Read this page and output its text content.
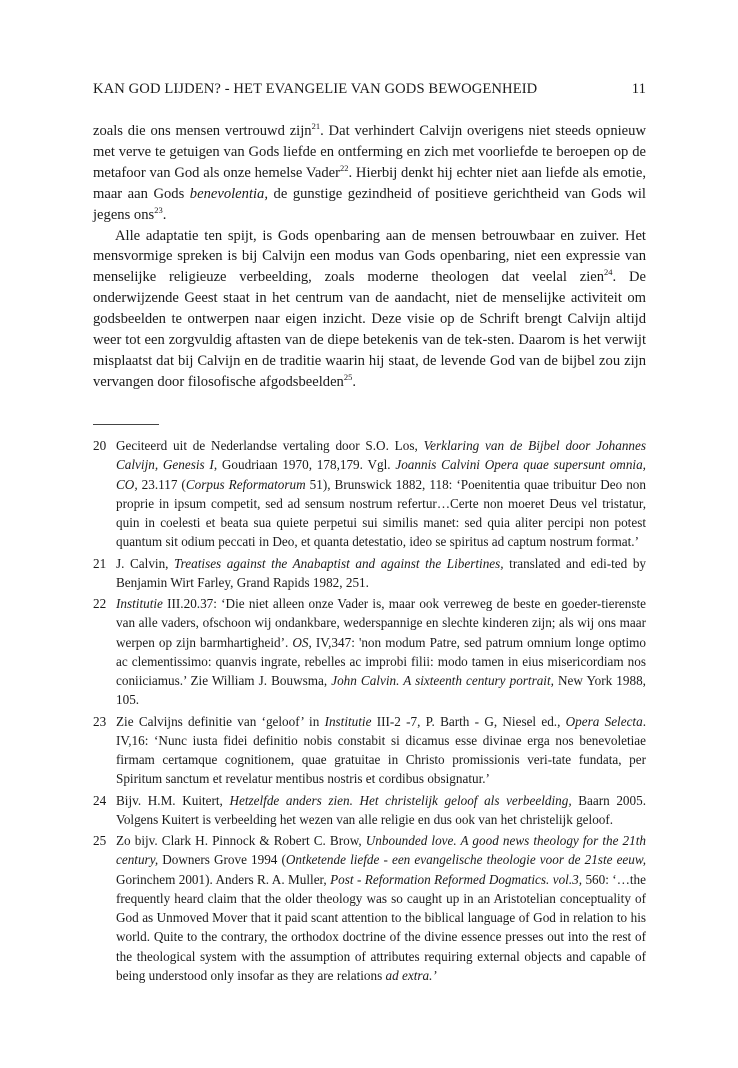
KAN GOD LIJDEN? - HET EVANGELIE VAN GODS BEWOGENHEID	11

zoals die ons mensen vertrouwd zijn$^{21}$. Dat verhindert Calvijn overigens niet steeds opnieuw met verve te getuigen van Gods liefde en ontferming en zich met voorliefde te beroepen op de metafoor van God als onze hemelse Vader$^{22}$. Hierbij denkt hij echter niet aan liefde als emotie, maar aan Gods benevolentia, de gunstige gezindheid of positieve gerichtheid van Gods wil jegens ons$^{23}$.

Alle adaptatie ten spijt, is Gods openbaring aan de mensen betrouwbaar en zuiver. Het mensvormige spreken is bij Calvijn een modus van Gods openbaring, niet een expressie van menselijke religieuze verbeelding, zoals moderne theologen dat veelal zien$^{24}$. De onderwijzende Geest staat in het centrum van de aandacht, niet de menselijke activiteit om godsbeelden te ontwerpen naar eigen inzicht. Deze visie op de Schrift brengt Calvijn altijd weer tot een zorgvuldig aftasten van de diepe betekenis van de tek-sten. Daarom is het verwijt misplaatst dat bij Calvijn en de traditie waarin hij staat, de levende God van de bijbel zou zijn vervangen door filosofische afgodsbeelden$^{25}$.

20 Geciteerd uit de Nederlandse vertaling door S.O. Los, Verklaring van de Bijbel door Johannes Calvijn, Genesis I, Goudriaan 1970, 178,179. Vgl. Joannis Calvini Opera quae supersunt omnia, CO, 23.117 (Corpus Reformatorum 51), Brunswick 1882, 118: ‘Poenitentia quae tribuitur Deo non proprie in ipsum competit, sed ad sensum nostrum refertur…Certe non moeret Deus vel tristatur, quin in coelesti et beata sua quiete perpetui sui similis manet: sed quia aliter percipi non potest quantum sit odium peccati in Deo, et quanta detestatio, ideo se spiritus ad captum nostrum format.’
21 J. Calvin, Treatises against the Anabaptist and against the Libertines, translated and edi-ted by Benjamin Wirt Farley, Grand Rapids 1982, 251.
22 Institutie III.20.37: ‘Die niet alleen onze Vader is, maar ook verreweg de beste en goeder-tierenste van alle vaders, ofschoon wij ondankbare, wederspannige en slechte kinderen zijn; als wij ons maar werpen op zijn barmhartigheid’. OS, IV,347: 'non modum Patre, sed patrum omnium longe optimo ac clementissimo: quanvis ingrate, rebelles ac improbi filii: modo tamen in eius misericordiam nos coniiciamus.’ Zie William J. Bouwsma, John Calvin. A sixteenth century portrait, New York 1988, 105.
23 Zie Calvijns definitie van ‘geloof’ in Institutie III-2 -7, P. Barth - G, Niesel ed., Opera Selecta. IV,16: ‘Nunc iusta fidei definitio nobis constabit si dicamus esse divinae erga nos benevoletiae firmam certamque cognitionem, quae gratuitae in Christo promissionis veri-tate fundata, per Spiritum sanctum et revelatur mentibus nostris et cordibus obsignatur.’
24 Bijv. H.M. Kuitert, Hetzelfde anders zien. Het christelijk geloof als verbeelding, Baarn 2005. Volgens Kuitert is verbeelding het wezen van alle religie en dus ook van het christelijk geloof.
25 Zo bijv. Clark H. Pinnock & Robert C. Brow, Unbounded love. A good news theology for the 21th century, Downers Grove 1994 (Ontketende liefde - een evangelische theologie voor de 21ste eeuw, Gorinchem 2001). Anders R. A. Muller, Post - Reformation Reformed Dogmatics. vol.3, 560: ‘…the frequently heard claim that the older theology was so caught up in an Aristotelian conceptuality of God as Unmoved Mover that it paid scant attention to the biblical language of God in relation to his world. Quite to the contrary, the orthodox doctrine of the divine essence presses out into the rest of the theological system with the assumption of attributes requiring external objects and capable of being understood only insofar as they are relations ad extra.’
